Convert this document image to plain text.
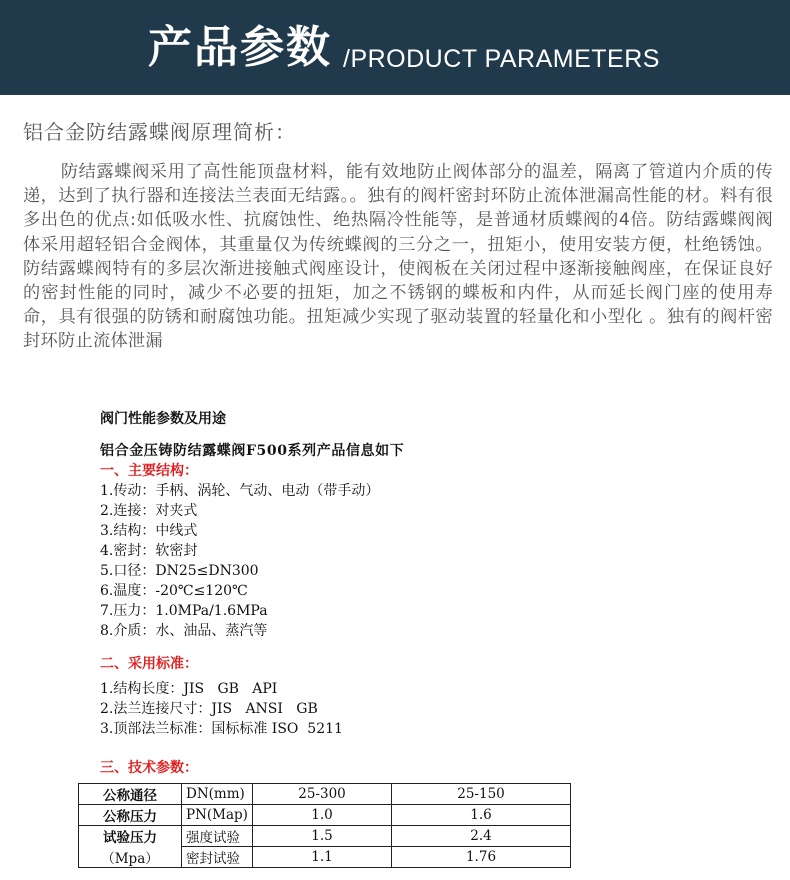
产品参数 /PRODUCT PARAMETERS
铝合金防结露蝶阀原理简析：
防结露蝶阀采用了高性能顶盘材料，能有效地防止阀体部分的温差，隔离了管道内介质的传递，达到了执行器和连接法兰表面无结露。。独有的阀杆密封环防止流体泄漏高性能的材。料有很多出色的优点:如低吸水性、抗腐蚀性、绝热隔冷性能等，是普通材质蝶阀的4倍。防结露蝶阀阀体采用超轻铝合金阀体，其重量仅为传统蝶阀的三分之一，扭矩小，使用安装方便，杜绝锈蚀。 防结露蝶阀特有的多层次渐进接触式阀座设计，使阀板在关闭过程中逐渐接触阀座，在保证良好的密封性能的同时，减少不必要的扭矩，加之不锈钢的蝶板和内件，从而延长阀门座的使用寿命，具有很强的防锈和耐腐蚀功能。扭矩减少实现了驱动装置的轻量化和小型化 。独有的阀杆密封环防止流体泄漏
阀门性能参数及用途
铝合金压铸防结露蝶阀F500系列产品信息如下
一、主要结构：
1.传动：手柄、涡轮、气动、电动（带手动）
2.连接：对夹式
3.结构：中线式
4.密封：软密封
5.口径：DN25≤DN300
6.温度：-20℃≤120℃
7.压力：1.0MPa/1.6MPa
8.介质：水、油品、蒸汽等
二、采用标准：
1.结构长度：JIS   GB   API
2.法兰连接尺寸：JIS   ANSI   GB
3.顶部法兰标准：国标标准 ISO  5211
三、技术参数：
公称通径	DN(mm)	25-300	25-150
公称压力	PN(Map)	1.0	1.6
试验压力	强度试验	1.5	2.4
（Mpa）	密封试验	1.1	1.76
